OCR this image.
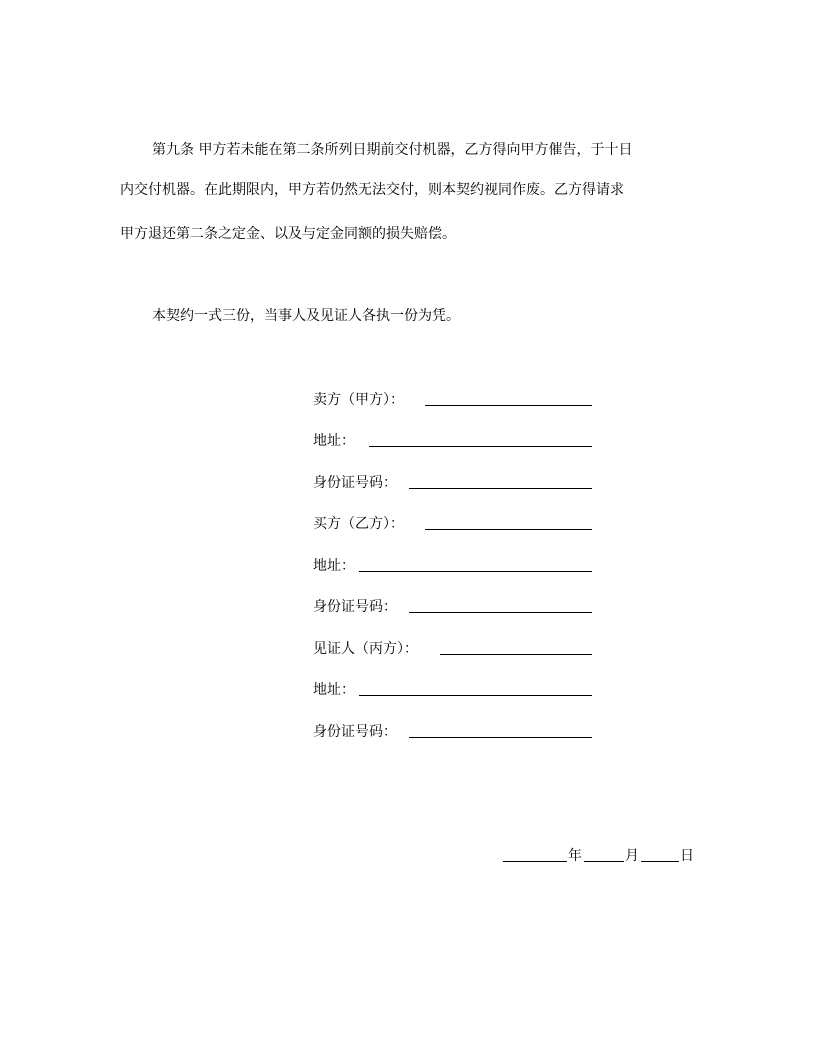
第九条 甲方若未能在第二条所列日期前交付机器，乙方得向甲方催告，于十日
内交付机器。在此期限内，甲方若仍然无法交付，则本契约视同作废。乙方得请求
甲方退还第二条之定金、以及与定金同额的损失赔偿。
本契约一式三份，当事人及见证人各执一份为凭。
卖方（甲方）：
地址：
身份证号码：
买方（乙方）：
地址：
身份证号码：
见证人（丙方）：
地址：
身份证号码：
年	月	日
